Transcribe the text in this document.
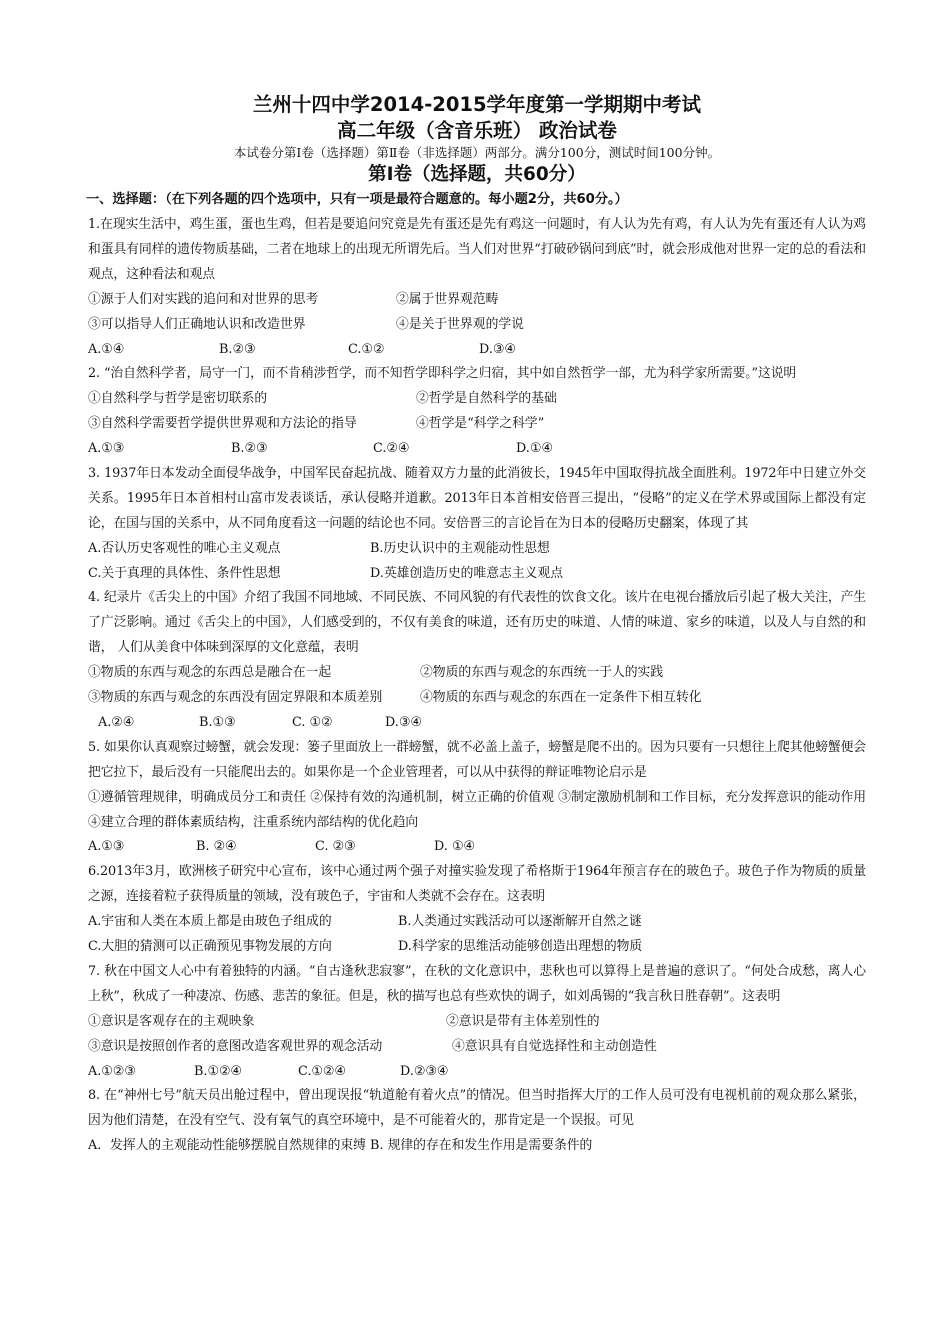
兰州十四中学2014-2015学年度第一学期期中考试
高二年级（含音乐班） 政治试卷

本试卷分第Ⅰ卷（选择题）第Ⅱ卷（非选择题）两部分。满分100分，测试时间100分钟。

第Ⅰ卷（选择题，共60分）

一、选择题：（在下列各题的四个选项中，只有一项是最符合题意的。每小题2分，共60分。）

1.在现实生活中，鸡生蛋，蛋也生鸡，但若是要追问究竟是先有蛋还是先有鸡这一问题时，有人认为先有鸡，有人认为先有蛋还有人认为鸡和蛋具有同样的遗传物质基础，二者在地球上的出现无所谓先后。当人们对世界“打破砂锅问到底”时，就会形成他对世界一定的总的看法和观点，这种看法和观点

①源于人们对实践的追问和对世界的思考	②属于世界观范畴
③可以指导人们正确地认识和改造世界	④是关于世界观的学说
A.①④	B.②③	C.①②	D.③④

2. “治自然科学者，局守一门，而不肯稍涉哲学，而不知哲学即科学之归宿，其中如自然哲学一部，尤为科学家所需要。”这说明

①自然科学与哲学是密切联系的	②哲学是自然科学的基础
③自然科学需要哲学提供世界观和方法论的指导	④哲学是“科学之科学”
A.①③	B.②③	C.②④	D.①④

3. 1937年日本发动全面侵华战争，中国军民奋起抗战、随着双方力量的此消彼长，1945年中国取得抗战全面胜利。1972年中日建立外交关系。1995年日本首相村山富市发表谈话，承认侵略并道歉。2013年日本首相安倍晋三提出，“侵略”的定义在学术界或国际上都没有定论，在国与国的关系中，从不同角度看这一问题的结论也不同。安倍晋三的言论旨在为日本的侵略历史翻案，体现了其

A.否认历史客观性的唯心主义观点	B.历史认识中的主观能动性思想
C.关于真理的具体性、条件性思想	D.英雄创造历史的唯意志主义观点

4. 纪录片《舌尖上的中国》介绍了我国不同地域、不同民族、不同风貌的有代表性的饮食文化。该片在电视台播放后引起了极大关注，产生了广泛影响。通过《舌尖上的中国》，人们感受到的，不仅有美食的味道，还有历史的味道、人情的味道、家乡的味道，以及人与自然的和谐， 人们从美食中体味到深厚的文化意蕴，表明

①物质的东西与观念的东西总是融合在一起	②物质的东西与观念的东西统一于人的实践
③物质的东西与观念的东西没有固定界限和本质差别	④物质的东西与观念的东西在一定条件下相互转化
A.②④	B.①③	C. ①②	D.③④

5. 如果你认真观察过螃蟹，就会发现：篓子里面放上一群螃蟹，就不必盖上盖子，螃蟹是爬不出的。因为只要有一只想往上爬其他螃蟹便会把它拉下，最后没有一只能爬出去的。如果你是一个企业管理者，可以从中获得的辩证唯物论启示是

①遵循管理规律，明确成员分工和责任 ②保持有效的沟通机制，树立正确的价值观 ③制定激励机制和工作目标，充分发挥意识的能动作用 ④建立合理的群体素质结构，注重系统内部结构的优化趋向

A.①③	B. ②④	C. ②③	D. ①④

6.2013年3月，欧洲核子研究中心宣布，该中心通过两个强子对撞实验发现了希格斯于1964年预言存在的玻色子。玻色子作为物质的质量之源，连接着粒子获得质量的领域，没有玻色子，宇宙和人类就不会存在。这表明

A.宇宙和人类在本质上都是由玻色子组成的	B.人类通过实践活动可以逐渐解开自然之谜
C.大胆的猜测可以正确预见事物发展的方向	D.科学家的思维活动能够创造出理想的物质

7. 秋在中国文人心中有着独特的内涵。“自古逢秋悲寂寥”，在秋的文化意识中，悲秋也可以算得上是普遍的意识了。“何处合成愁，离人心上秋”，秋成了一种凄凉、伤感、悲苦的象征。但是，秋的描写也总有些欢快的调子，如刘禹锡的“我言秋日胜春朝”。这表明

①意识是客观存在的主观映象	②意识是带有主体差别性的
③意识是按照创作者的意图改造客观世界的观念活动	④意识具有自觉选择性和主动创造性
A.①②③	B.①②④	C.①②④	D.②③④

8. 在“神州七号”航天员出舱过程中，曾出现误报“轨道舱有着火点”的情况。但当时指挥大厅的工作人员可没有电视机前的观众那么紧张，因为他们清楚，在没有空气、没有氧气的真空环境中，是不可能着火的，那肯定是一个误报。可见

A．发挥人的主观能动性能够摆脱自然规律的束缚 B. 规律的存在和发生作用是需要条件的
